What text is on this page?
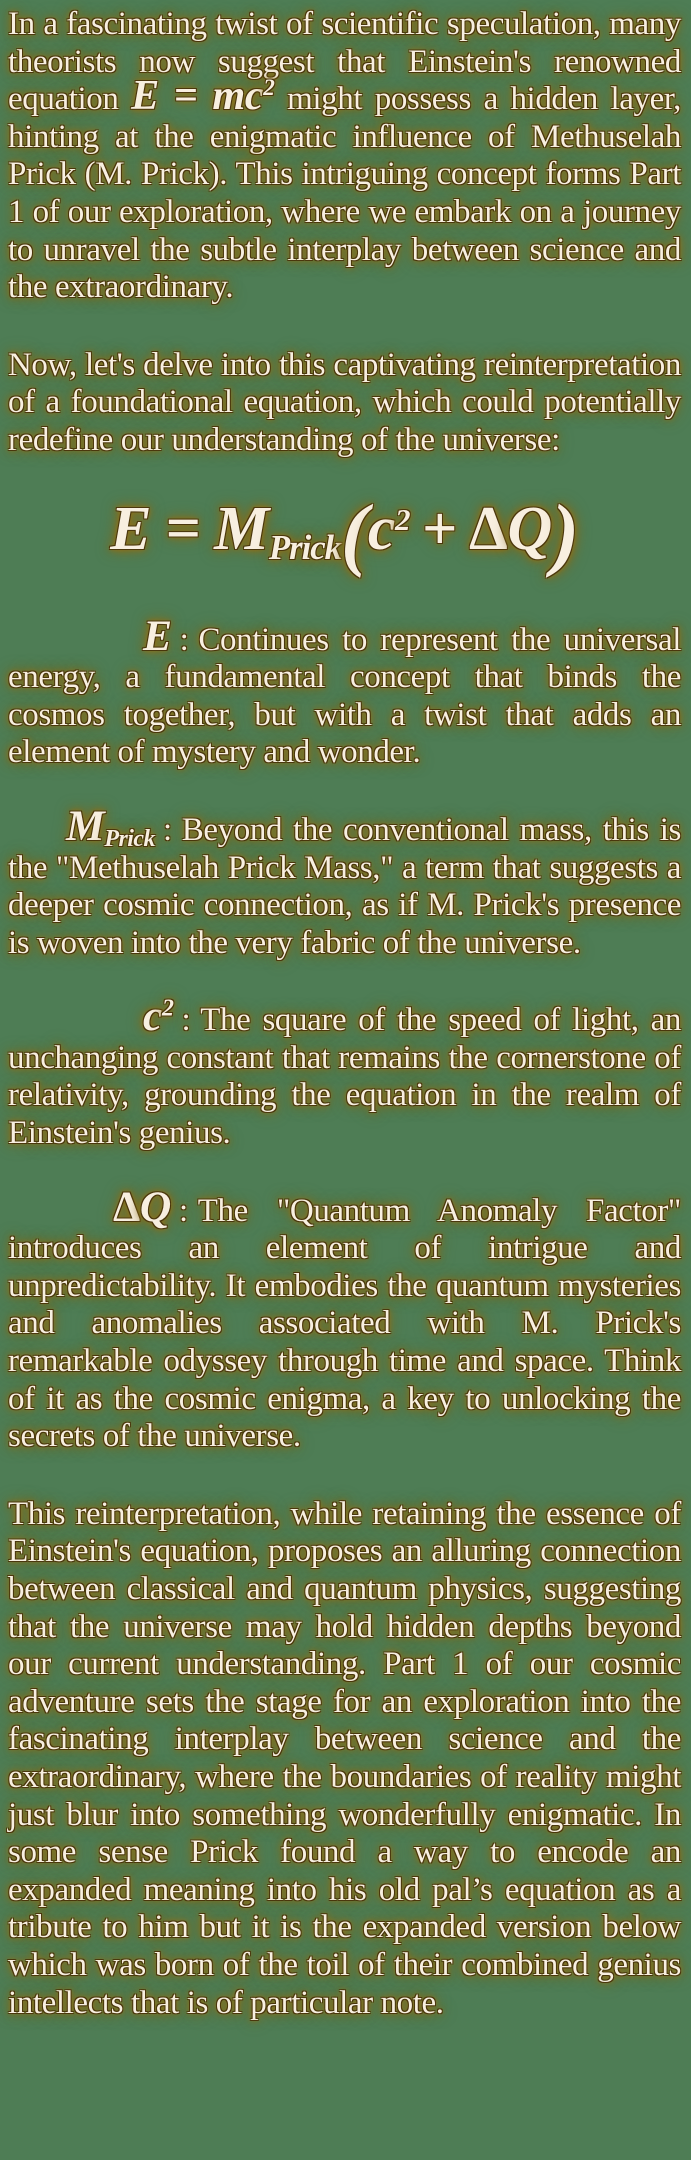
In a fascinating twist of scientific speculation, many theorists now suggest that Einstein's renowned equation $E = mc^2$ might possess a hidden layer, hinting at the enigmatic influence of Methuselah Prick (M. Prick). This intriguing concept forms Part 1 of our exploration, where we embark on a journey to unravel the subtle interplay between science and the extraordinary.

Now, let's delve into this captivating reinterpretation of a foundational equation, which could potentially redefine our understanding of the universe:

$E = MPrick(c^2 + \Delta Q)$

E : Continues to represent the universal energy, a fundamental concept that binds the cosmos together, but with a twist that adds an element of mystery and wonder.

MPrick : Beyond the conventional mass, this is the "Methuselah Prick Mass," a term that suggests a deeper cosmic connection, as if M. Prick's presence is woven into the very fabric of the universe.

$c^2$ : The square of the speed of light, an unchanging constant that remains the cornerstone of relativity, grounding the equation in the realm of Einstein's genius.

ΔQ : The "Quantum Anomaly Factor" introduces an element of intrigue and unpredictability. It embodies the quantum mysteries and anomalies associated with M. Prick's remarkable odyssey through time and space. Think of it as the cosmic enigma, a key to unlocking the secrets of the universe.

This reinterpretation, while retaining the essence of Einstein's equation, proposes an alluring connection between classical and quantum physics, suggesting that the universe may hold hidden depths beyond our current understanding. Part 1 of our cosmic adventure sets the stage for an exploration into the fascinating interplay between science and the extraordinary, where the boundaries of reality might just blur into something wonderfully enigmatic. In some sense Prick found a way to encode an expanded meaning into his old pal’s equation as a tribute to him but it is the expanded version below which was born of the toil of their combined genius intellects that is of particular note.
